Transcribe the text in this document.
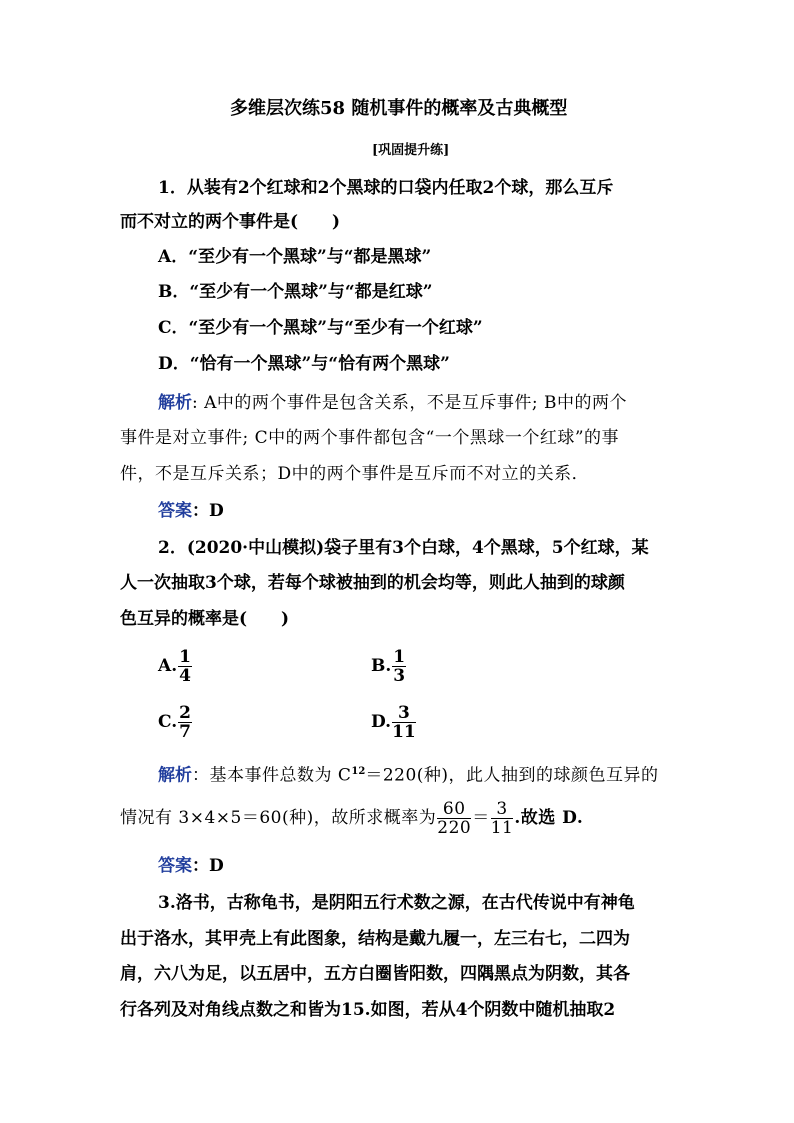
多维层次练58 随机事件的概率及古典概型
[巩固提升练]
1．从装有2个红球和2个黑球的口袋内任取2个球，那么互斥
而不对立的两个事件是(　　)
A．“至少有一个黑球”与“都是黑球”
B．“至少有一个黑球”与“都是红球”
C．“至少有一个黑球”与“至少有一个红球”
D．“恰有一个黑球”与“恰有两个黑球”
解析: A中的两个事件是包含关系，不是互斥事件; B中的两个
事件是对立事件; C中的两个事件都包含“一个黑球一个红球”的事
件，不是互斥关系；D中的两个事件是互斥而不对立的关系．
答案：D
2．(2020·中山模拟)袋子里有3个白球，4个黑球，5个红球，某
人一次抽取3个球，若每个球被抽到的机会均等，则此人抽到的球颜
色互异的概率是(　　)
A. $\frac{1}{4}$	B. $\frac{1}{3}$
C. $\frac{2}{7}$	D. $\frac{3}{11}$
解析：基本事件总数为 $C^{12}=220$(种)，此人抽到的球颜色互异的
情况有 3×4×5＝60(种)，故所求概率为 $\frac{60}{220} = \frac{3}{11}$ .故选 D.
答案：D
3.洛书，古称龟书，是阴阳五行术数之源，在古代传说中有神龟
出于洛水，其甲壳上有此图象，结构是戴九履一，左三右七，二四为
肩，六八为足，以五居中，五方白圈皆阳数，四隅黑点为阴数，其各
行各列及对角线点数之和皆为15.如图，若从4个阴数中随机抽取2
